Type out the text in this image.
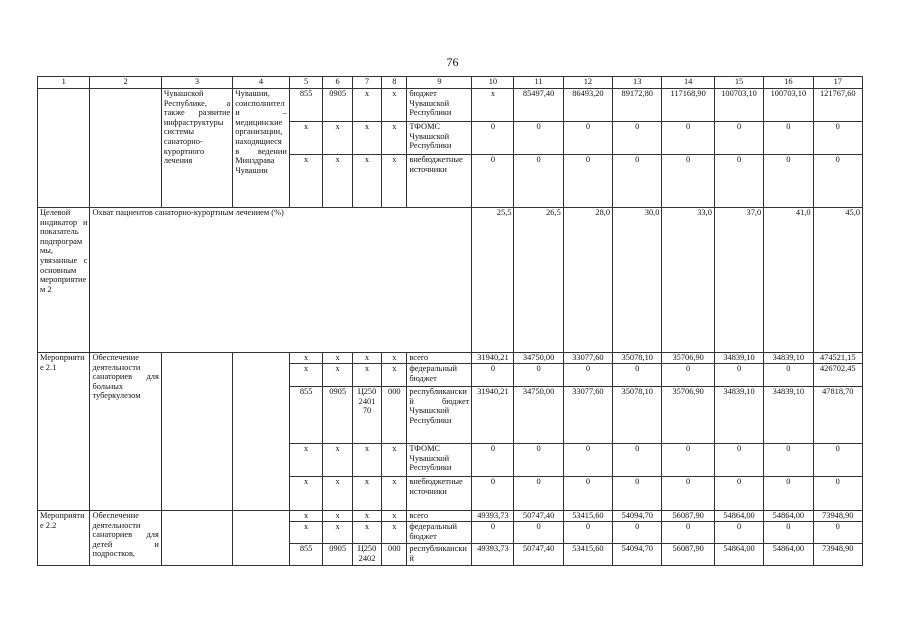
76
1	2	3	4	5	6	7	8	9	10	11	12	13	14	15	16	17
		Чувашской Республике, а также развитие инфраструктуры системы санаторно-курортного лечения	Чувашии, соисполнители – медицинские организации, находящиеся в ведении Минздрава Чувашии	855	0905	x	x	бюджет Чувашской Республики	x	85497,40	86493,20	89172,80	117168,90	100703,10	100703,10	121767,60
				x	x	x	x	ТФОМС Чувашской Республики	0	0	0	0	0	0	0	0
				x	x	x	x	внебюджетные источники	0	0	0	0	0	0	0	0
Целевой индикатор и показатель подпрограммы, увязанные с основным мероприятием 2	Охват пациентов санаторно-курортным лечением (%)								25,5	26,5	28,0	30,0	33,0	37,0	41,0	45,0
Мероприятие 2.1	Обеспечение деятельности санаториев для больных туберкулезом			x	x	x	x	всего	31940,21	34750,00	33077,60	35078,10	35706,90	34839,10	34839,10	474521,15
				x	x	x	x	федеральный бюджет	0	0	0	0	0	0	0	426702,45
				855	0905	Ц250 2401 70	000	республиканский бюджет Чувашской Республики	31940,21	34750,00	33077,60	35078,10	35706,90	34839,10	34839,10	47818,70
				x	x	x	x	ТФОМС Чувашской Республики	0	0	0	0	0	0	0	0
				x	x	x	x	внебюджетные источники	0	0	0	0	0	0	0	0
Мероприятие 2.2	Обеспечение деятельности санаториев для детей и подростков,			x	x	x	x	всего	49393,73	50747,40	53415,60	54094,70	56087,90	54864,00	54864,00	73948,90
				x	x	x	x	федеральный бюджет	0	0	0	0	0	0	0	0
				855	0905	Ц250 2402	000	республиканский	49393,73	50747,40	53415,60	54094,70	56087,90	54864,00	54864,00	73948,90
